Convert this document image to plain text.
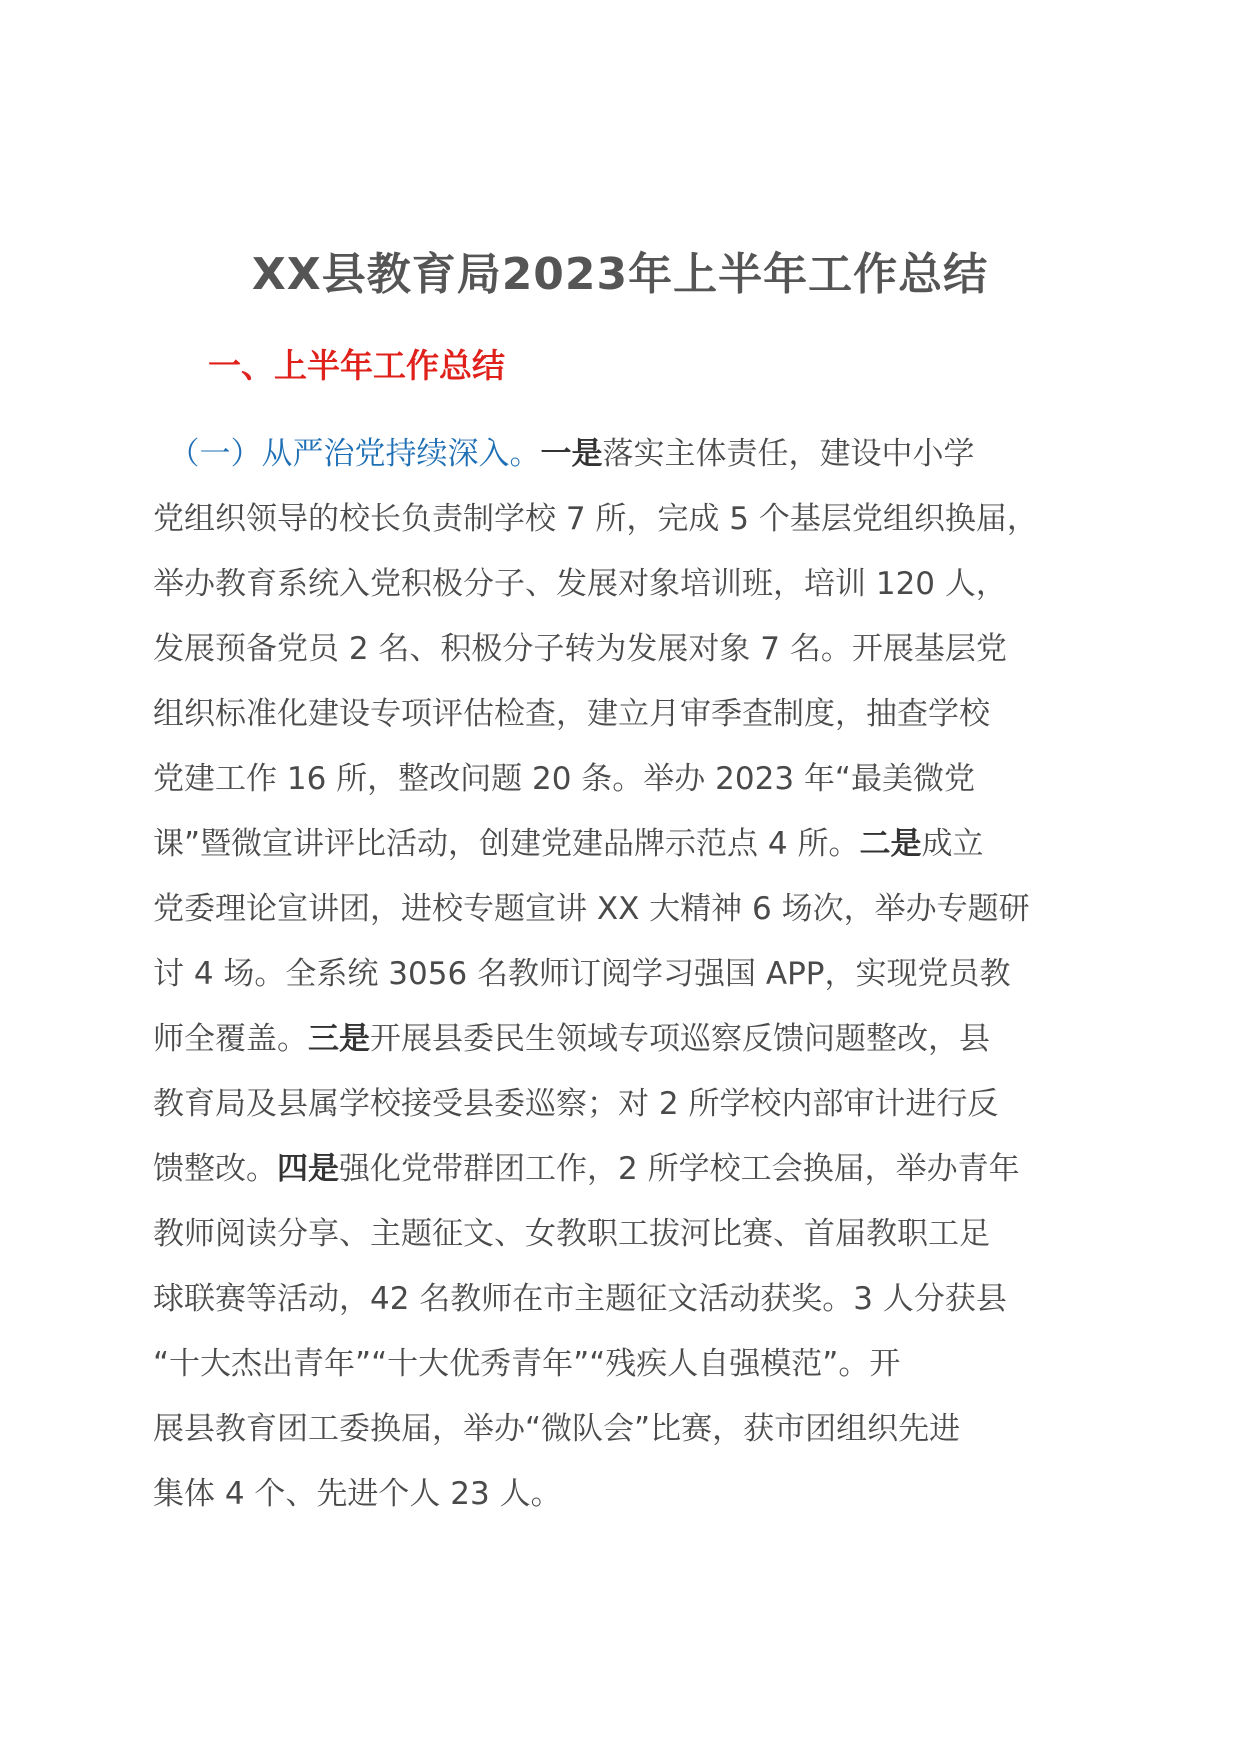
XX县教育局2023年上半年工作总结
一、上半年工作总结
　（一）从严治党持续深入。一是落实主体责任，建设中小学
党组织领导的校长负责制学校 7 所，完成 5 个基层党组织换届，
举办教育系统入党积极分子、发展对象培训班，培训 120 人，
发展预备党员 2 名、积极分子转为发展对象 7 名。开展基层党
组织标准化建设专项评估检查，建立月审季查制度，抽查学校
党建工作 16 所，整改问题 20 条。举办 2023 年“最美微党
课”暨微宣讲评比活动，创建党建品牌示范点 4 所。二是成立
党委理论宣讲团，进校专题宣讲 XX 大精神 6 场次，举办专题研
讨 4 场。全系统 3056 名教师订阅学习强国 APP，实现党员教
师全覆盖。三是开展县委民生领域专项巡察反馈问题整改，县
教育局及县属学校接受县委巡察；对 2 所学校内部审计进行反
馈整改。四是强化党带群团工作，2 所学校工会换届，举办青年
教师阅读分享、主题征文、女教职工拔河比赛、首届教职工足
球联赛等活动，42 名教师在市主题征文活动获奖。3 人分获县
“十大杰出青年”“十大优秀青年”“残疾人自强模范”。开
展县教育团工委换届，举办“微队会”比赛，获市团组织先进
集体 4 个、先进个人 23 人。
